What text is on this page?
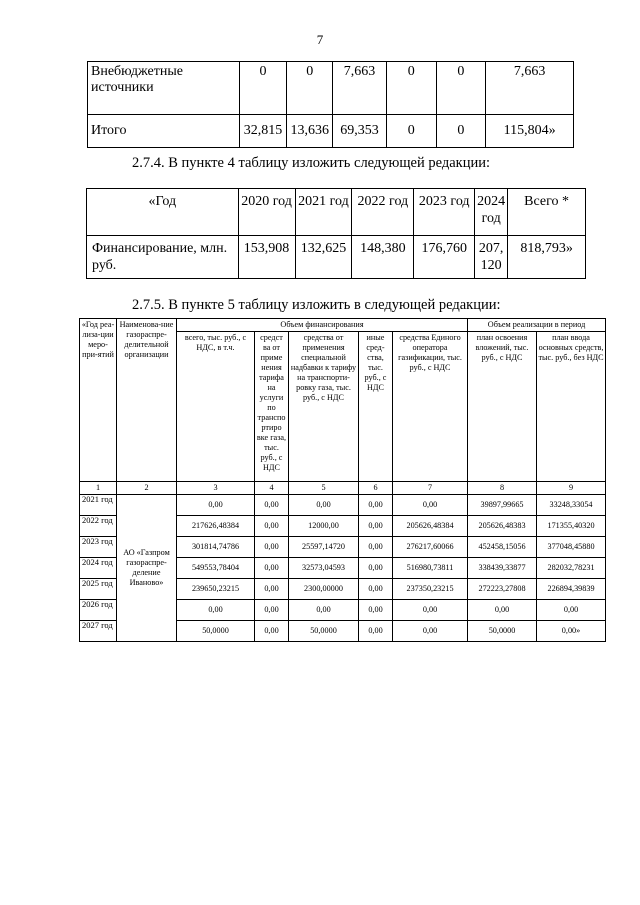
7
Внебюджетные источники	0	0	7,663	0	0	7,663
Итого	32,815	13,636	69,353	0	0	115,804»
2.7.4. В пункте 4 таблицу изложить следующей редакции:
«Год	2020 год	2021 год	2022 год	2023 год	2024 год	Всего *
Финансирование, млн. руб.	153,908	132,625	148,380	176,760	207, 120	818,793»
2.7.5. В пункте 5 таблицу изложить в следующей редакции:
«Год реа-лиза-ции меро-при-ятий	Наименова-ние газораспре-делительной организации	Объем финансирования					Объем реализации в период	
		всего, тыс. руб., с НДС, в т.ч.	средст ва от приме нения тарифа на услуги по транспо ртиро вке газа, тыс. руб., с НДС	средства от применения специальной надбавки к тарифу на транспорти-ровку газа, тыс. руб., с НДС	иные сред-ства, тыс. руб., с НДС	средства Единого оператора газификации, тыс. руб., с НДС	план освоения вложений, тыс. руб., с НДС	план ввода основных средств, тыс. руб., без НДС
1	2	3	4	5	6	7	8	9
2021 год	АО «Газпром газораспре-деление Иваново»	0,00	0,00	0,00	0,00	0,00	39897,99665	33248,33054
2022 год		217626,48384	0,00	12000,00	0,00	205626,48384	205626,48383	171355,40320
2023 год		301814,74786	0,00	25597,14720	0,00	276217,60066	452458,15056	377048,45880
2024 год		549553,78404	0,00	32573,04593	0,00	516980,73811	338439,33877	282032,78231
2025 год		239650,23215	0,00	2300,00000	0,00	237350,23215	272223,27808	226894,39839
2026 год		0,00	0,00	0,00	0,00	0,00	0,00	0,00
2027 год		50,0000	0,00	50,0000	0,00	0,00	50,0000	0,00»
